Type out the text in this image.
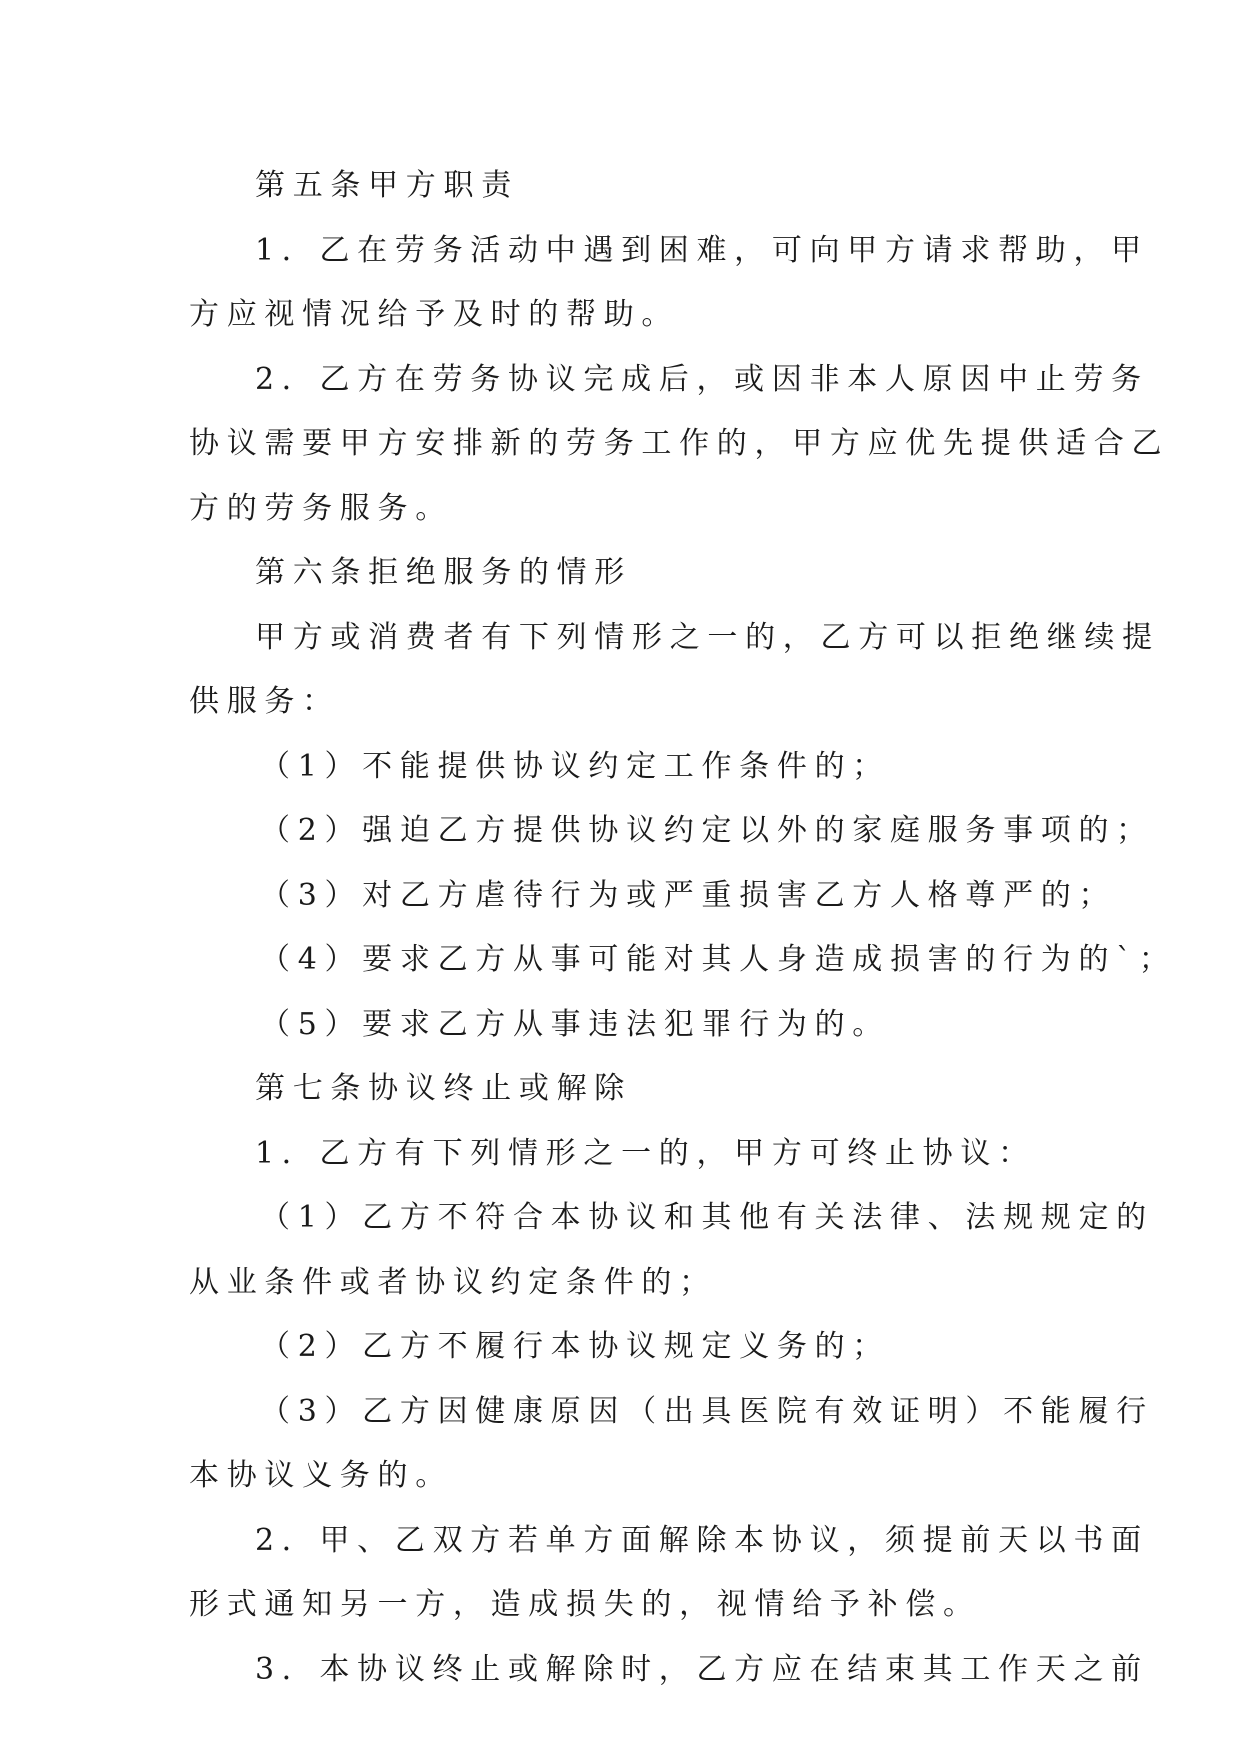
第五条甲方职责
1．乙在劳务活动中遇到困难，可向甲方请求帮助，甲
方应视情况给予及时的帮助。
2．乙方在劳务协议完成后，或因非本人原因中止劳务
协议需要甲方安排新的劳务工作的，甲方应优先提供适合乙
方的劳务服务。
第六条拒绝服务的情形
甲方或消费者有下列情形之一的，乙方可以拒绝继续提
供服务：
（1）不能提供协议约定工作条件的；
（2）强迫乙方提供协议约定以外的家庭服务事项的；
（3）对乙方虐待行为或严重损害乙方人格尊严的；
（4）要求乙方从事可能对其人身造成损害的行为的`；
（5）要求乙方从事违法犯罪行为的。
第七条协议终止或解除
1．乙方有下列情形之一的，甲方可终止协议：
（1）乙方不符合本协议和其他有关法律、法规规定的
从业条件或者协议约定条件的；
（2）乙方不履行本协议规定义务的；
（3）乙方因健康原因（出具医院有效证明）不能履行
本协议义务的。
2．甲、乙双方若单方面解除本协议，须提前天以书面
形式通知另一方，造成损失的，视情给予补偿。
3．本协议终止或解除时，乙方应在结束其工作天之前
